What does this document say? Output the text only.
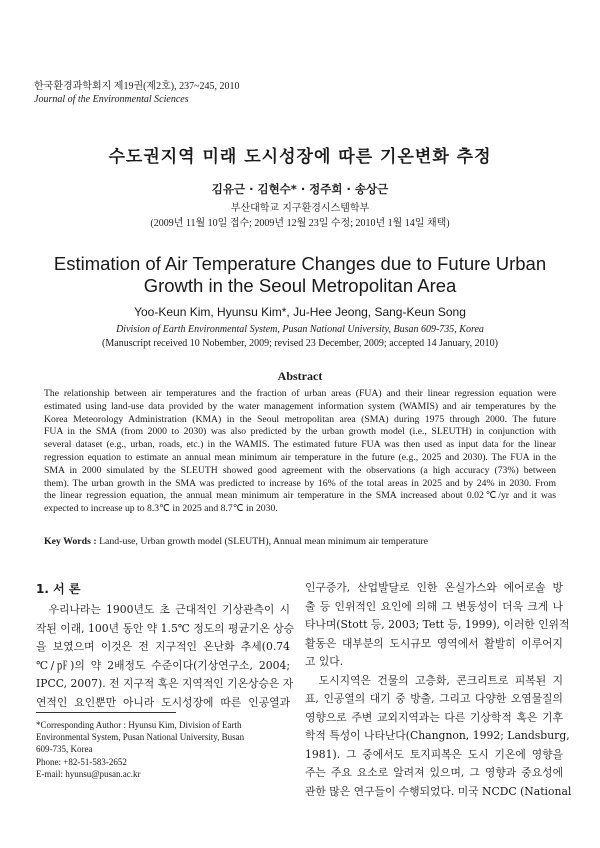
한국환경과학회지 제19권(제2호), 237~245, 2010
Journal of the Environmental Sciences
수도권지역 미래 도시성장에 따른 기온변화 추정
김유근 · 김현수* · 정주희 · 송상근
부산대학교 지구환경시스템학부
(2009년 11월 10일 접수; 2009년 12월 23일 수정; 2010년 1월 14일 채택)
Estimation of Air Temperature Changes due to Future Urban
Growth in the Seoul Metropolitan Area
Yoo-Keun Kim, Hyunsu Kim*, Ju-Hee Jeong, Sang-Keun Song
Division of Earth Environmental System, Pusan National University, Busan 609-735, Korea
(Manuscript received 10 Nobember, 2009; revised 23 December, 2009; accepted 14 January, 2010)
Abstract
The relationship between air temperatures and the fraction of urban areas (FUA) and their linear regression equation were
estimated using land-use data provided by the water management information system (WAMIS) and air temperatures by the
Korea Meteorology Administration (KMA) in the Seoul metropolitan area (SMA) during 1975 through 2000. The future
FUA in the SMA (from 2000 to 2030) was also predicted by the urban growth model (i.e., SLEUTH) in conjunction with
several dataset (e.g., urban, roads, etc.) in the WAMIS. The estimated future FUA was then used as input data for the linear
regression equation to estimate an annual mean minimum air temperature in the future (e.g., 2025 and 2030). The FUA in the
SMA in 2000 simulated by the SLEUTH showed good agreement with the observations (a high accuracy (73%) between
them). The urban growth in the SMA was predicted to increase by 16% of the total areas in 2025 and by 24% in 2030. From
the linear regression equation, the annual mean minimum air temperature in the SMA increased about 0.02℃/yr and it was
expected to increase up to 8.3℃ in 2025 and 8.7℃ in 2030.
Key Words : Land-use, Urban growth model (SLEUTH), Annual mean minimum air temperature
1. 서 론
　우리나라는 1900년도 초 근대적인 기상관측이 시
작된 이래, 100년 동안 약 1.5℃ 정도의 평균기온 상승
을 보였으며 이것은 전 지구적인 온난화 추세(0.74
℃/㎊)의 약 2배정도 수준이다(기상연구소, 2004;
IPCC, 2007). 전 지구적 혹은 지역적인 기온상승은 자
연적인 요인뿐만 아니라 도시성장에 따른 인공열과
인구증가, 산업발달로 인한 온실가스와 에어로솔 방
출 등 인위적인 요인에 의해 그 변동성이 더욱 크게 나
타나며(Stott 등, 2003; Tett 등, 1999), 이러한 인위적
활동은 대부분의 도시규모 영역에서 활발히 이루어지
고 있다.
　도시지역은 건물의 고층화, 콘크리트로 피복된 지
표, 인공열의 대기 중 방출, 그리고 다양한 오염물질의
영향으로 주변 교외지역과는 다른 기상학적 혹은 기후
학적 특성이 나타난다(Changnon, 1992; Landsburg,
1981). 그 중에서도 토지피복은 도시 기온에 영향을
주는 주요 요소로 알려져 있으며, 그 영향과 중요성에
관한 많은 연구들이 수행되었다. 미국 NCDC (National
*Corresponding Author : Hyunsu Kim, Division of Earth
Environmental System, Pusan National University, Busan
609-735, Korea
Phone: +82-51-583-2652
E-mail: hyunsu@pusan.ac.kr
